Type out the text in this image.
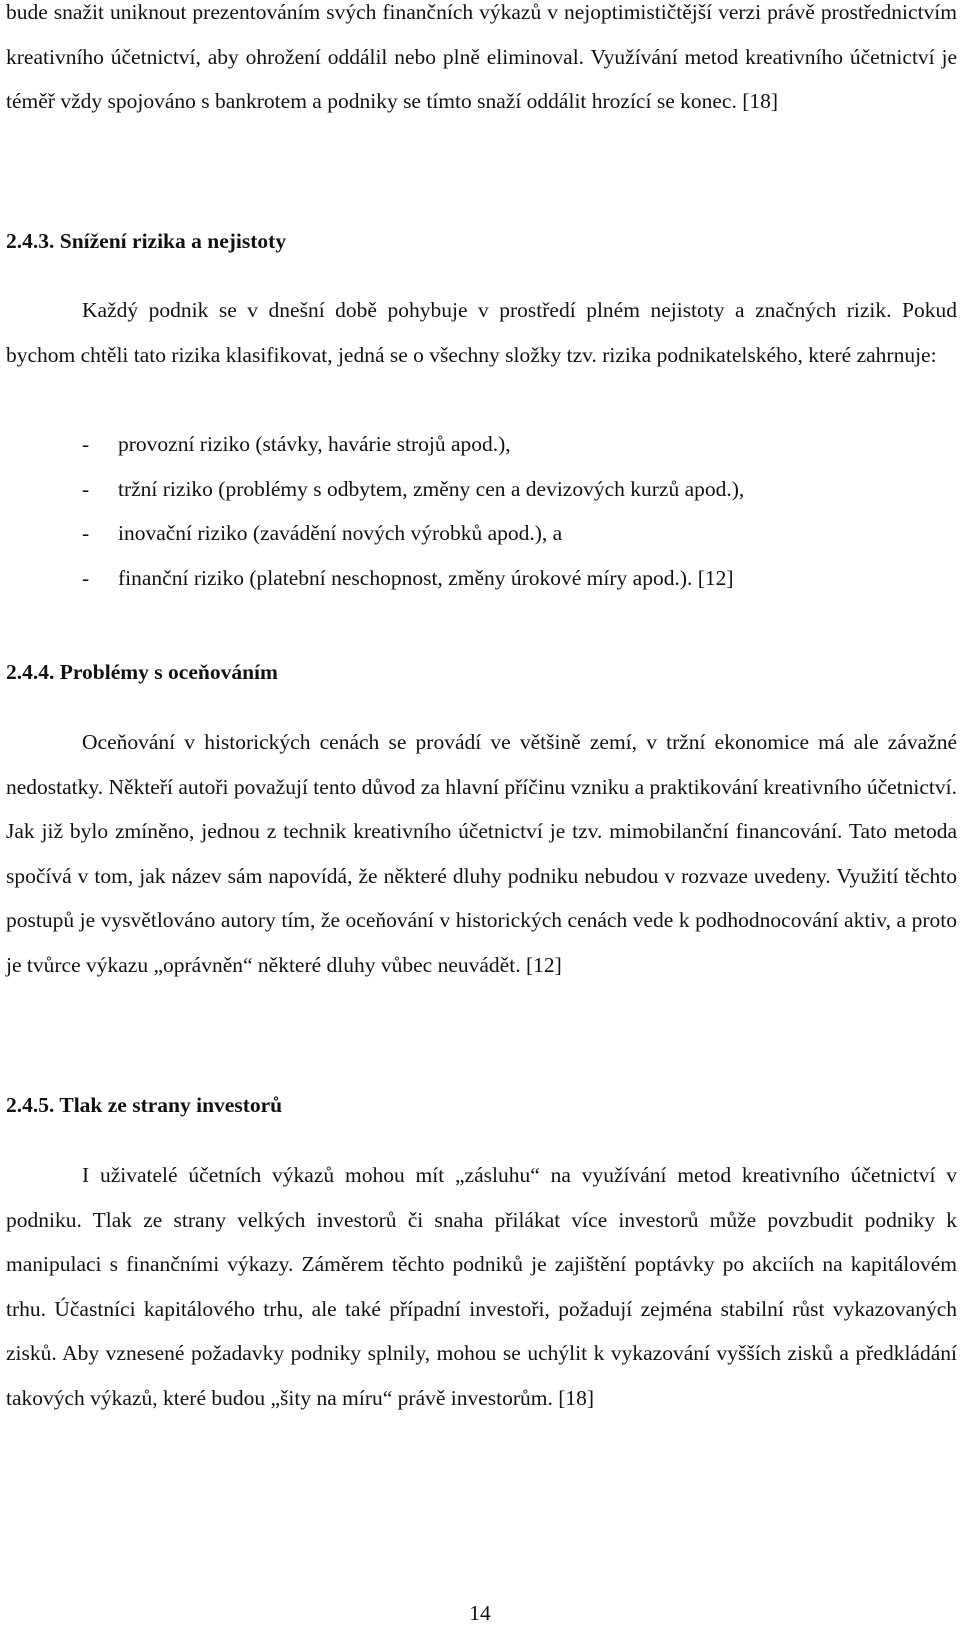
bude snažit uniknout prezentováním svých finančních výkazů v nejoptimističtější verzi právě prostřednictvím kreativního účetnictví, aby ohrožení oddálil nebo plně eliminoval. Využívání metod kreativního účetnictví je téměř vždy spojováno s bankrotem a podniky se tímto snaží oddálit hrozící se konec. [18]

2.4.3. Snížení rizika a nejistoty

Každý podnik se v dnešní době pohybuje v prostředí plném nejistoty a značných rizik. Pokud bychom chtěli tato rizika klasifikovat, jedná se o všechny složky tzv. rizika podnikatelského, které zahrnuje:

- provozní riziko (stávky, havárie strojů apod.),
- tržní riziko (problémy s odbytem, změny cen a devizových kurzů apod.),
- inovační riziko (zavádění nových výrobků apod.), a
- finanční riziko (platební neschopnost, změny úrokové míry apod.). [12]
2.4.4. Problémy s oceňováním

Oceňování v historických cenách se provádí ve většině zemí, v tržní ekonomice má ale závažné nedostatky. Někteří autoři považují tento důvod za hlavní příčinu vzniku a praktikování kreativního účetnictví. Jak již bylo zmíněno, jednou z technik kreativního účetnictví je tzv. mimobilanční financování. Tato metoda spočívá v tom, jak název sám napovídá, že některé dluhy podniku nebudou v rozvaze uvedeny. Využití těchto postupů je vysvětlováno autory tím, že oceňování v historických cenách vede k podhodnocování aktiv, a proto je tvůrce výkazu „oprávněn“ některé dluhy vůbec neuvádět. [12]

2.4.5. Tlak ze strany investorů

I uživatelé účetních výkazů mohou mít „zásluhu“ na využívání metod kreativního účetnictví v podniku. Tlak ze strany velkých investorů či snaha přilákat více investorů může povzbudit podniky k manipulaci s finančními výkazy. Záměrem těchto podniků je zajištění poptávky po akciích na kapitálovém trhu. Účastníci kapitálového trhu, ale také případní investoři, požadují zejména stabilní růst vykazovaných zisků. Aby vznesené požadavky podniky splnily, mohou se uchýlit k vykazování vyšších zisků a předkládání takových výkazů, které budou „šity na míru“ právě investorům. [18]

14
